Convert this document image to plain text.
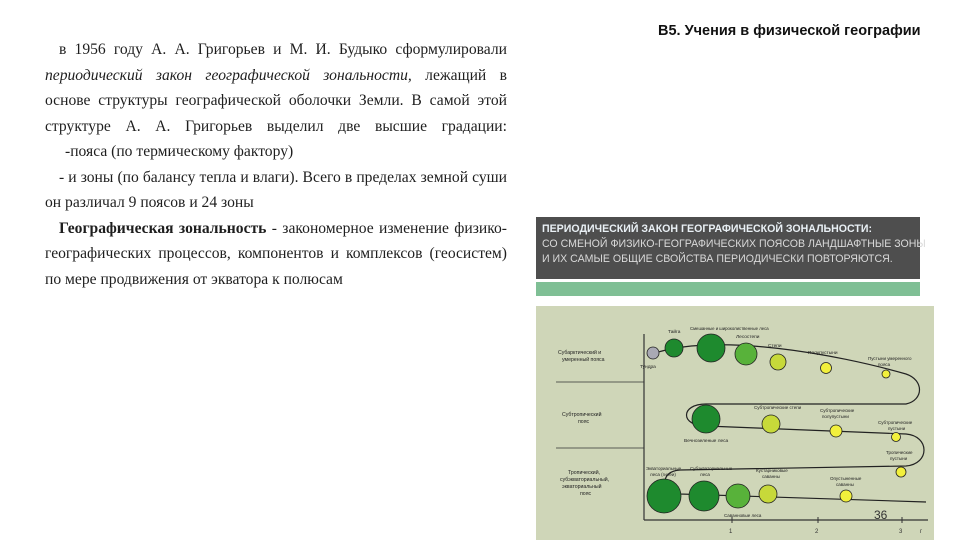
в 1956 году А. А. Григорьев и М. И. Будыко сформулировали периодический закон географической зональности, лежащий в основе структуры географической оболочки Земли. В самой этой структуре А. А. Григорьев выделил две высшие градации:

-пояса (по термическому фактору)

- и зоны (по балансу тепла и влаги). Всего в пределах земной суши он различал 9 поясов и 24 зоны

Географическая зональность - закономерное изменение физико-географических процессов, компонентов и комплексов (геосистем) по мере продвижения от экватора к полюсам

В5. Учения в физической географии
ПЕРИОДИЧЕСКИЙ ЗАКОН ГЕОГРАФИЧЕСКОЙ ЗОНАЛЬНОСТИ:
СО СМЕНОЙ ФИЗИКО-ГЕОГРАФИЧЕСКИХ ПОЯСОВ ЛАНДШАФТНЫЕ ЗОНЫ
И ИХ САМЫЕ ОБЩИЕ СВОЙСТВА ПЕРИОДИЧЕСКИ ПОВТОРЯЮТСЯ.
1	2	3	г
Субарктический и умеренный пояса
Субтропический пояс
Тропический, субэкваториальный, экваториальный пояс
Тундра
Тайга
Смешанные и широколиственные леса
Лесостепи
Степи
Полупустыни
Пустыни умеренного пояса
Субтропические степи
Субтропические полупустыни
Субтропические пустыни
Вечнозеленые леса
Экваториальные леса (гилеи)
Субэкваториальные леса
Кустарниковые саванны
Тропические пустыни
Опустыненные саванны
Саванновые леса	36
